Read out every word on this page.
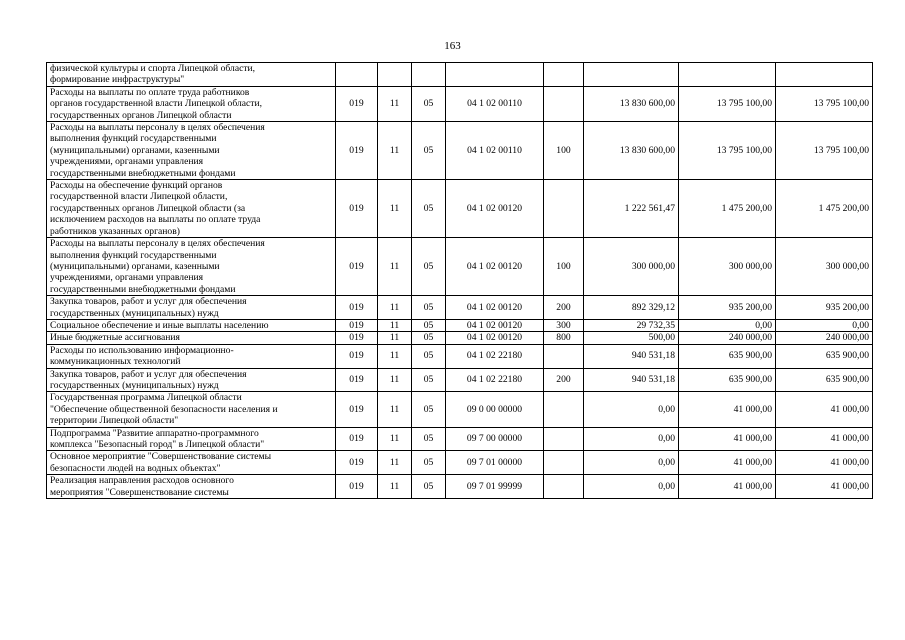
163
физической культуры и спорта Липецкой области,
формирование инфраструктуры"								
Расходы на выплаты по оплате труда работников
органов государственной власти Липецкой области,
государственных органов Липецкой области	019	11	05	04 1 02 00110		13 830 600,00	13 795 100,00	13 795 100,00
Расходы на выплаты персоналу в целях обеспечения
выполнения функций государственными
(муниципальными) органами, казенными
учреждениями, органами управления
государственными внебюджетными фондами	019	11	05	04 1 02 00110	100	13 830 600,00	13 795 100,00	13 795 100,00
Расходы на обеспечение функций органов
государственной власти Липецкой области,
государственных органов Липецкой области (за
исключением расходов на выплаты по оплате труда
работников указанных органов)	019	11	05	04 1 02 00120		1 222 561,47	1 475 200,00	1 475 200,00
Расходы на выплаты персоналу в целях обеспечения
выполнения функций государственными
(муниципальными) органами, казенными
учреждениями, органами управления
государственными внебюджетными фондами	019	11	05	04 1 02 00120	100	300 000,00	300 000,00	300 000,00
Закупка товаров, работ и услуг для обеспечения
государственных (муниципальных) нужд	019	11	05	04 1 02 00120	200	892 329,12	935 200,00	935 200,00
Социальное обеспечение и иные выплаты населению	019	11	05	04 1 02 00120	300	29 732,35	0,00	0,00
Иные бюджетные ассигнования	019	11	05	04 1 02 00120	800	500,00	240 000,00	240 000,00
Расходы по использованию информационно-
коммуникационных технологий	019	11	05	04 1 02 22180		940 531,18	635 900,00	635 900,00
Закупка товаров, работ и услуг для обеспечения
государственных (муниципальных) нужд	019	11	05	04 1 02 22180	200	940 531,18	635 900,00	635 900,00
Государственная программа Липецкой области
"Обеспечение общественной безопасности населения и
территории Липецкой области"	019	11	05	09 0 00 00000		0,00	41 000,00	41 000,00
Подпрограмма "Развитие аппаратно-программного
комплекса "Безопасный город" в Липецкой области"	019	11	05	09 7 00 00000		0,00	41 000,00	41 000,00
Основное мероприятие "Совершенствование системы
безопасности людей на водных объектах"	019	11	05	09 7 01 00000		0,00	41 000,00	41 000,00
Реализация направления расходов основного
мероприятия "Совершенствование системы	019	11	05	09 7 01 99999		0,00	41 000,00	41 000,00
